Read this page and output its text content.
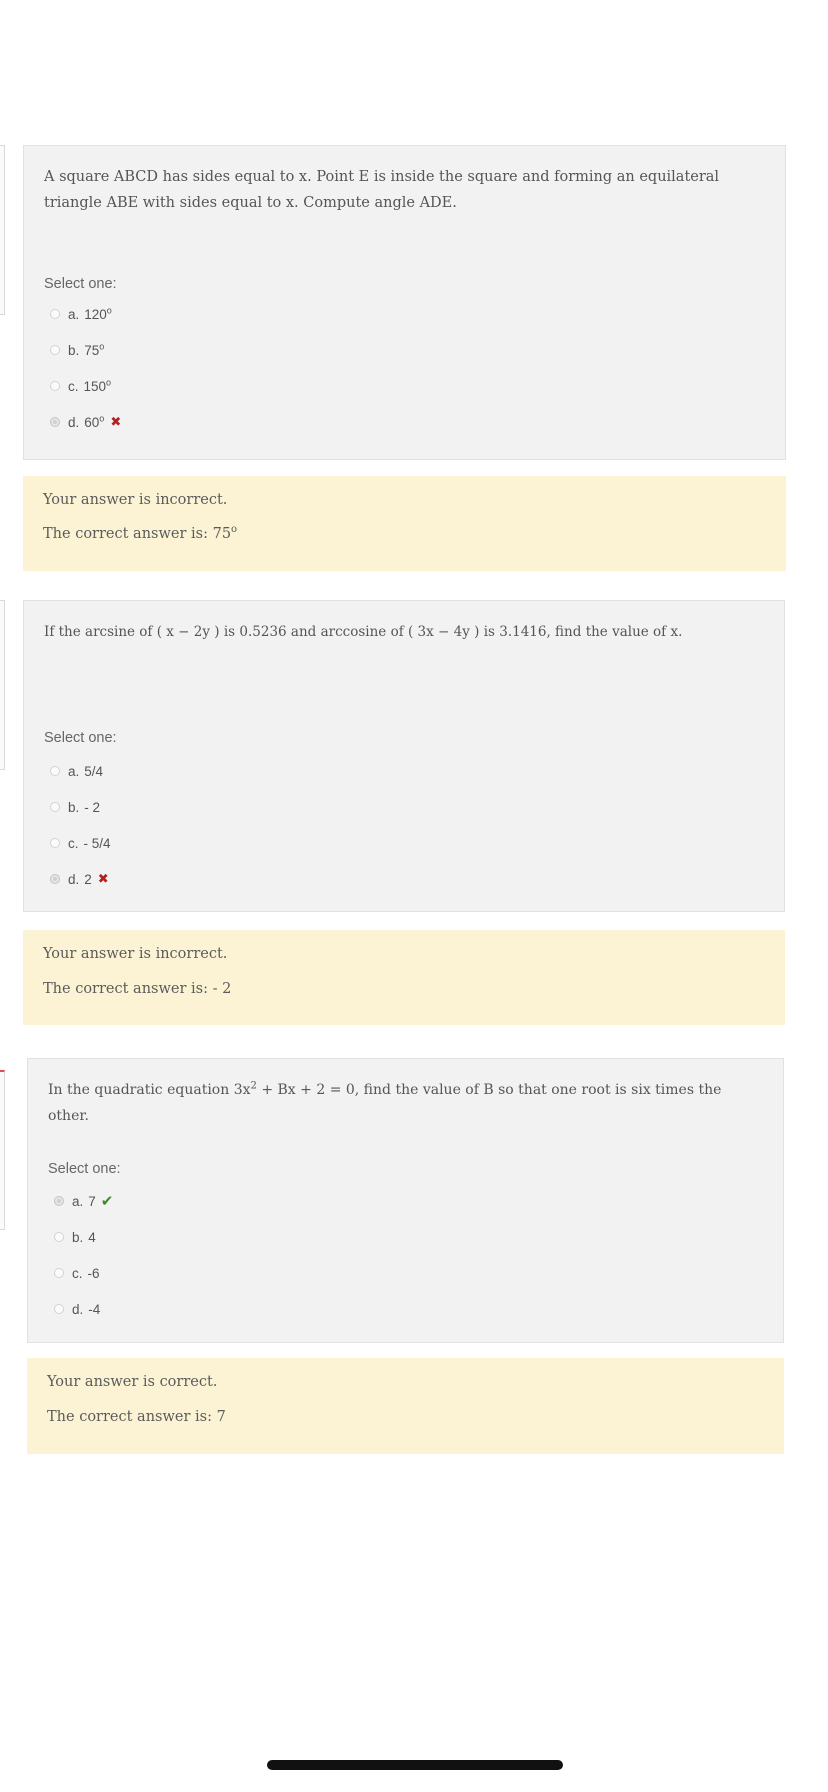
A square ABCD has sides equal to x. Point E is inside the square and forming an equilateral triangle ABE with sides equal to x. Compute angle ADE.

Select one:
a. 120$^o$
b. 75$^o$
c. 150$^o$
d. 60$^o$ ✖
Your answer is incorrect.
The correct answer is: 75$^o$

If the arcsine of ( x − 2y ) is 0.5236 and arccosine of ( 3x − 4y ) is 3.1416, find the value of x.

Select one:
a. 5/4
b. - 2
c. - 5/4
d. 2 ✖
Your answer is incorrect.
The correct answer is: - 2

In the quadratic equation $3x^2 + Bx + 2 = 0$, find the value of B so that one root is six times the other.

Select one:
a. 7 ✔
b. 4
c. -6
d. -4
Your answer is correct.
The correct answer is: 7
